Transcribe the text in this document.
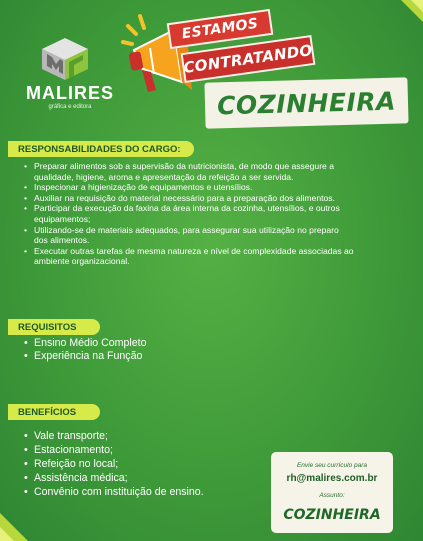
MALIRES
gráfica e editora
ESTAMOS
CONTRATANDO
COZINHEIRA
RESPONSABILIDADES DO CARGO:
• Preparar alimentos sob a supervisão da nutricionista, de modo que assegure a qualidade, higiene, aroma e apresentação da refeição a ser servida.
• Inspecionar a higienização de equipamentos e utensílios.
• Auxiliar na requisição do material necessário para a preparação dos alimentos.
• Participar da execução da faxina da área interna da cozinha, utensílios, e outros equipamentos;
• Utilizando-se de materiais adequados, para assegurar sua utilização no preparo dos alimentos.
• Executar outras tarefas de mesma natureza e nível de complexidade associadas ao ambiente organizacional.
REQUISITOS
• Ensino Médio Completo
• Experiência na Função
BENEFÍCIOS
• Vale transporte;
• Estacionamento;
• Refeição no local;
• Assistência médica;
• Convênio com instituição de ensino.
Envie seu currículo para
rh@malires.com.br
Assunto:
COZINHEIRA
